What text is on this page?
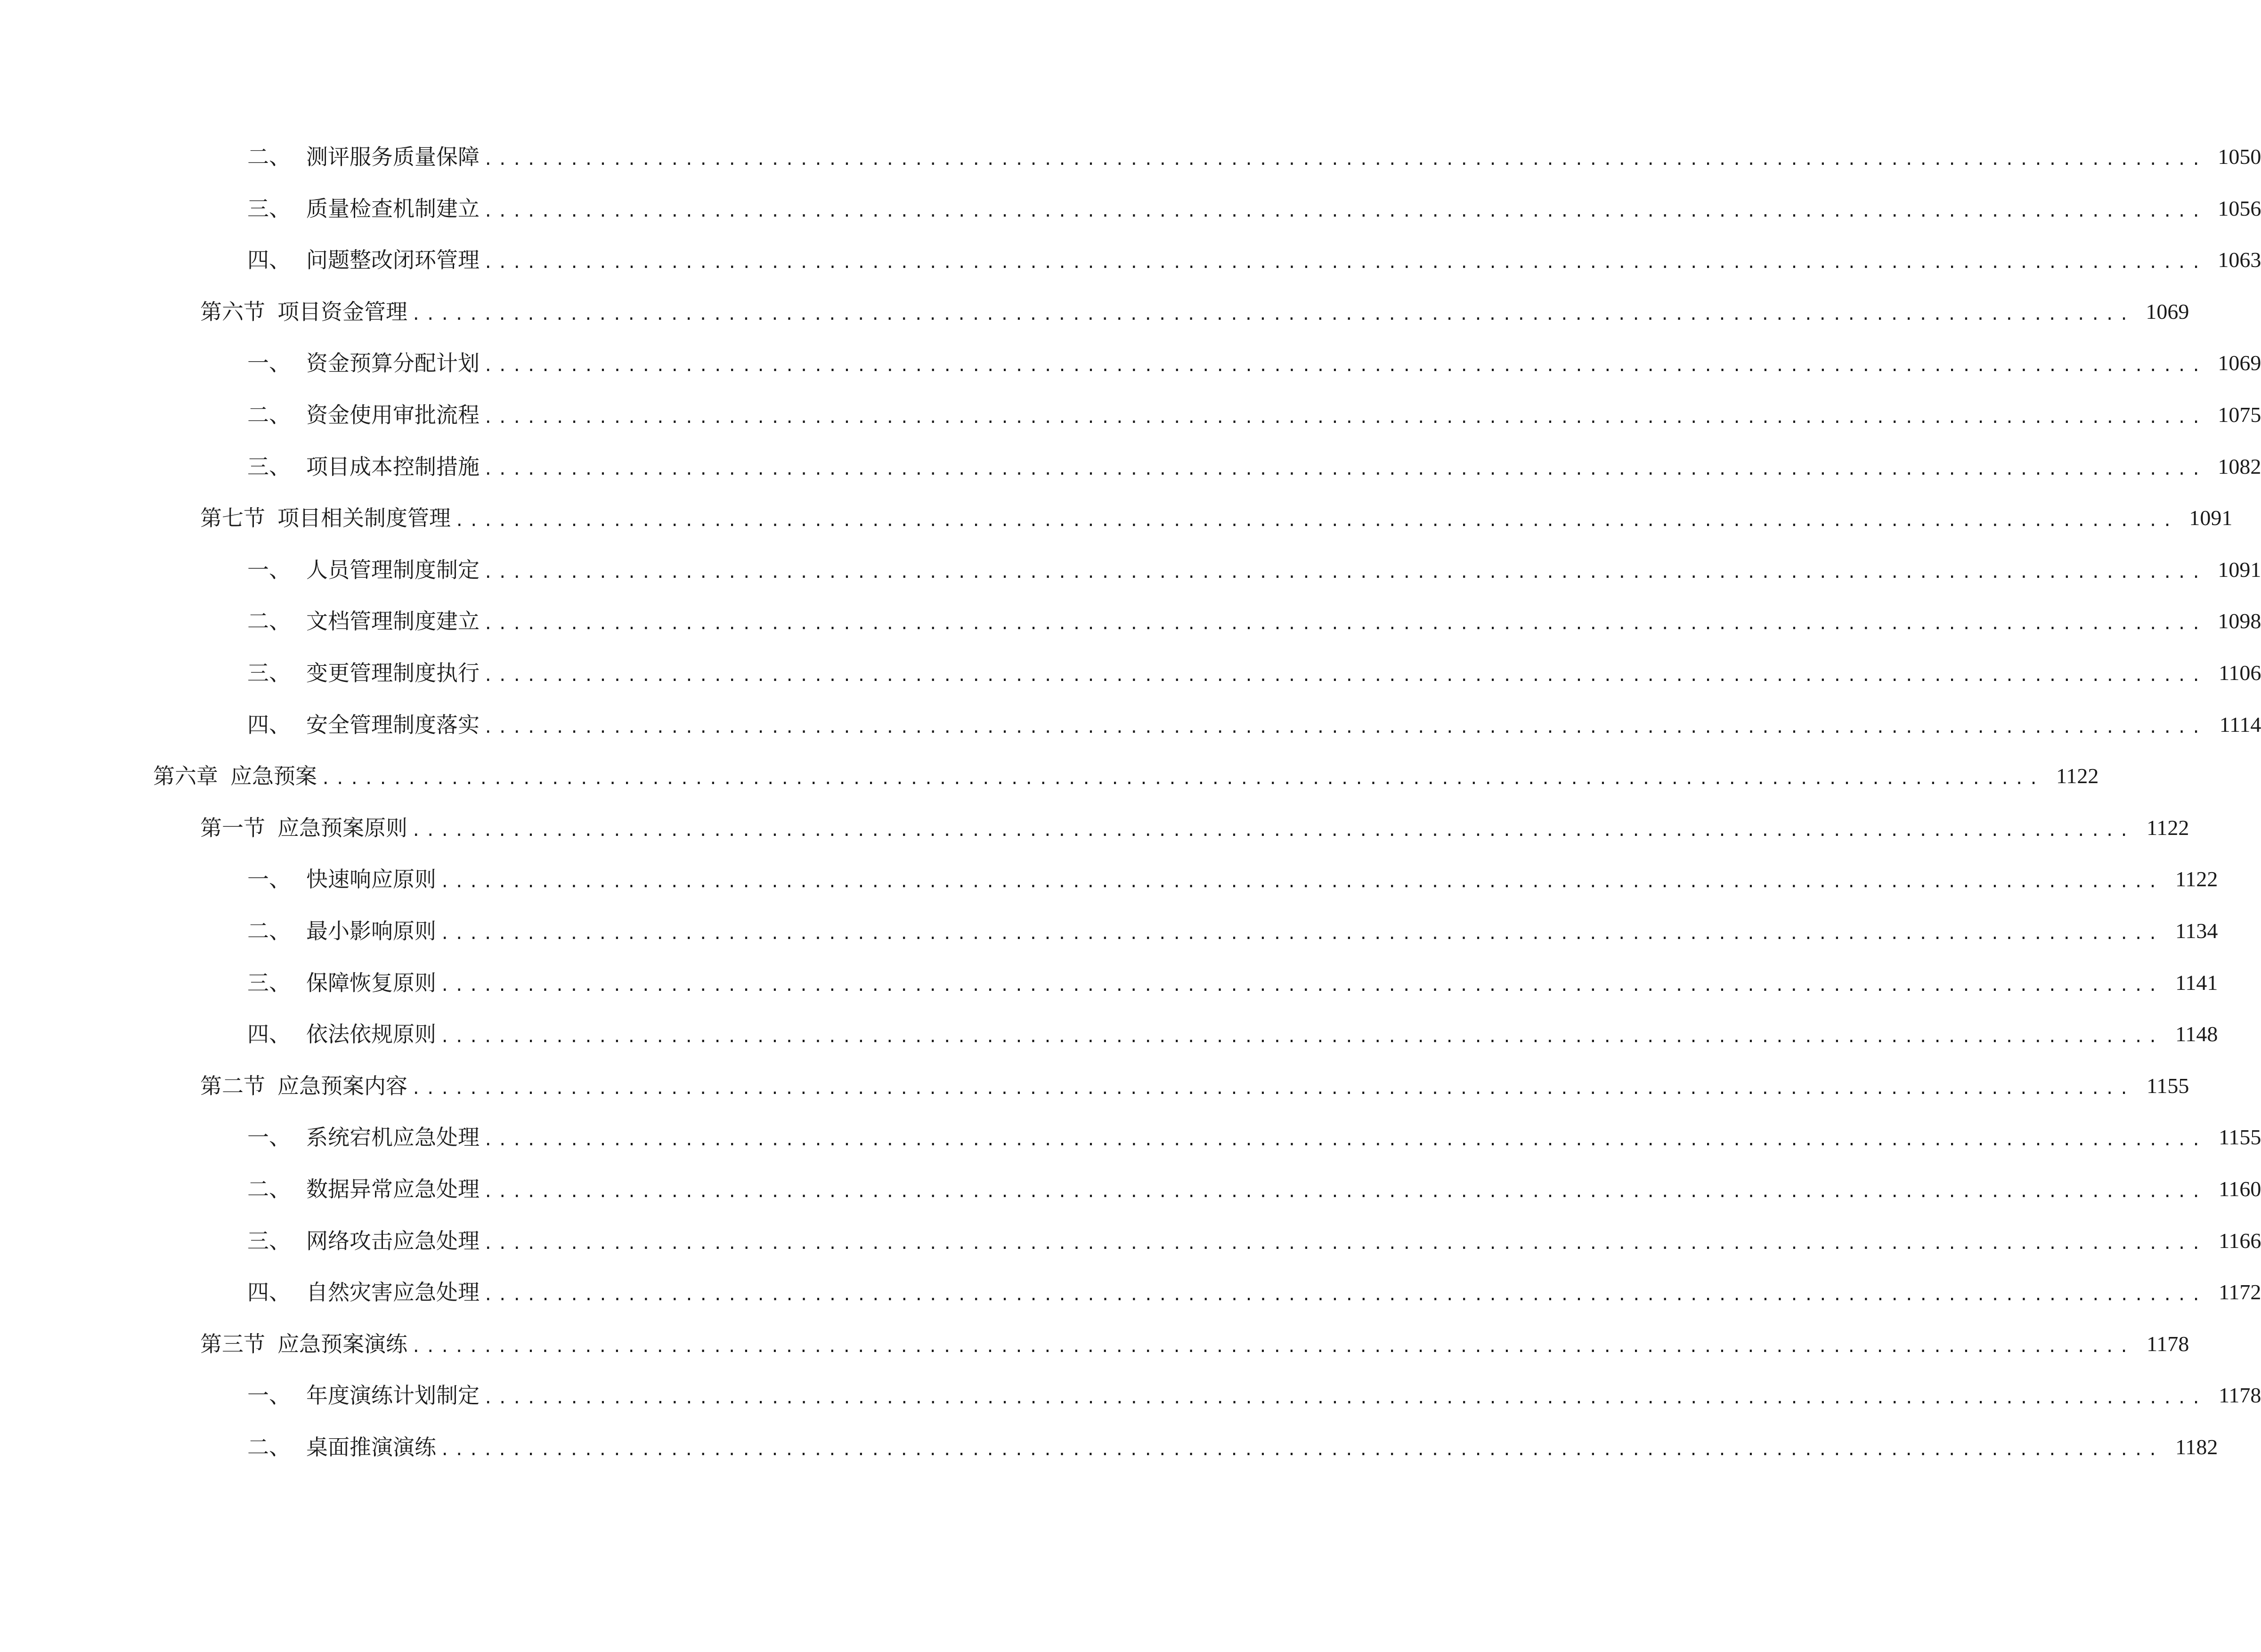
二、 测评服务质量保障 ........................................................................................................................ 1050
三、 质量检查机制建立 ........................................................................................................................ 1056
四、 问题整改闭环管理 ........................................................................................................................ 1063
第六节 项目资金管理 ........................................................................................................................ 1069
一、 资金预算分配计划 ........................................................................................................................ 1069
二、 资金使用审批流程 ........................................................................................................................ 1075
三、 项目成本控制措施 ........................................................................................................................ 1082
第七节 项目相关制度管理 ........................................................................................................................ 1091
一、 人员管理制度制定 ........................................................................................................................ 1091
二、 文档管理制度建立 ........................................................................................................................ 1098
三、 变更管理制度执行 ........................................................................................................................ 1106
四、 安全管理制度落实 ........................................................................................................................ 1114
第六章 应急预案 ........................................................................................................................ 1122
第一节 应急预案原则 ........................................................................................................................ 1122
一、 快速响应原则 ........................................................................................................................ 1122
二、 最小影响原则 ........................................................................................................................ 1134
三、 保障恢复原则 ........................................................................................................................ 1141
四、 依法依规原则 ........................................................................................................................ 1148
第二节 应急预案内容 ........................................................................................................................ 1155
一、 系统宕机应急处理 ........................................................................................................................ 1155
二、 数据异常应急处理 ........................................................................................................................ 1160
三、 网络攻击应急处理 ........................................................................................................................ 1166
四、 自然灾害应急处理 ........................................................................................................................ 1172
第三节 应急预案演练 ........................................................................................................................ 1178
一、 年度演练计划制定 ........................................................................................................................ 1178
二、 桌面推演演练 ........................................................................................................................ 1182
